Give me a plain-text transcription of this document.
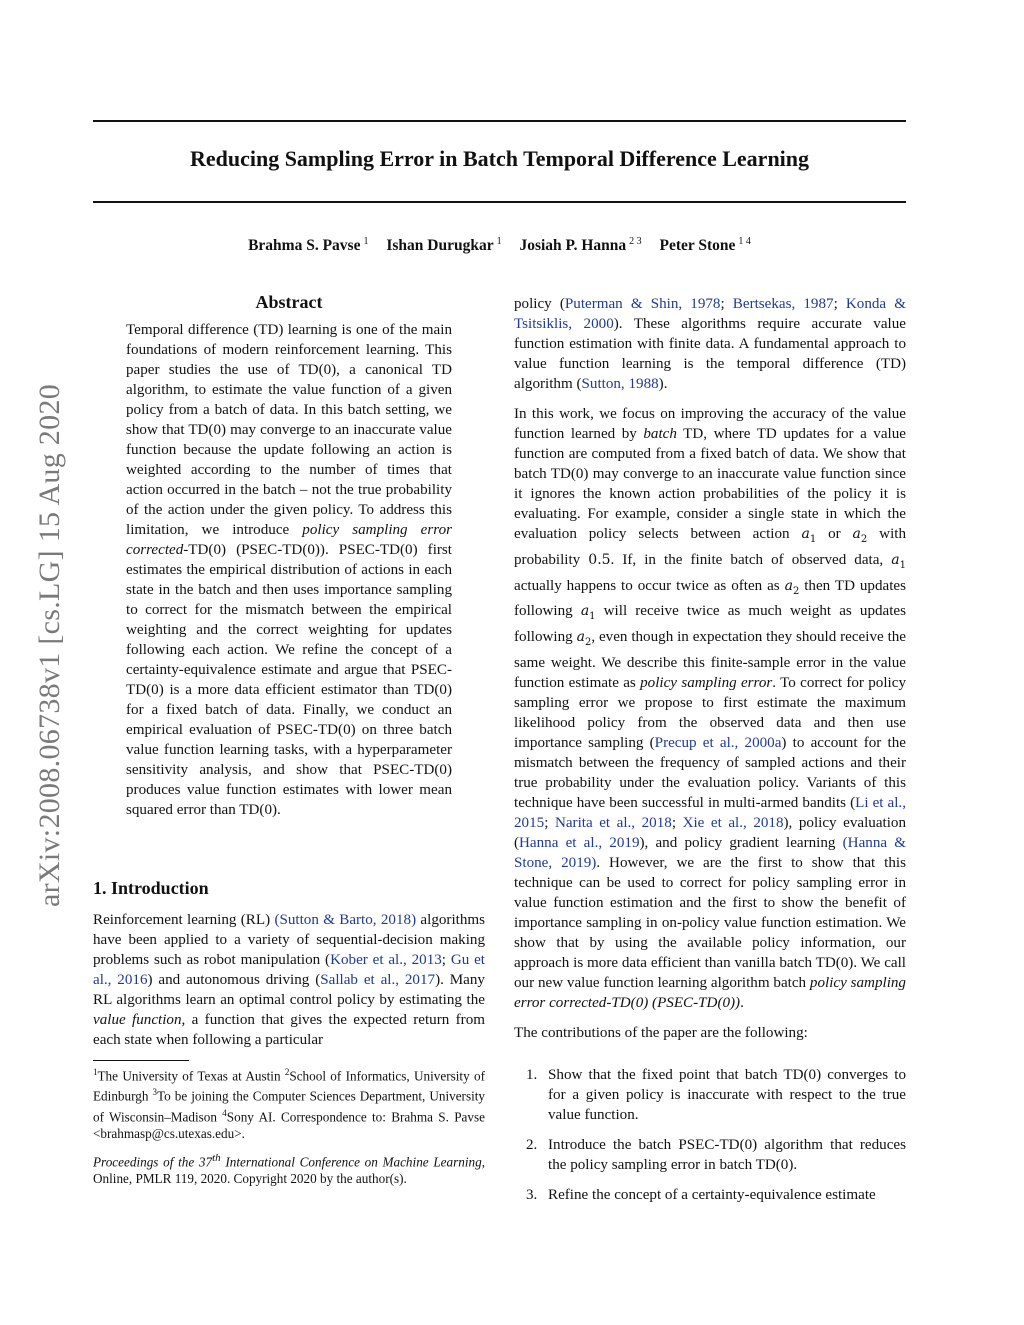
arXiv:2008.06738v1 [cs.LG] 15 Aug 2020
Reducing Sampling Error in Batch Temporal Difference Learning
Brahma S. Pavse $^1$ Ishan Durugkar $^1$ Josiah P. Hanna $^{2 3}$ Peter Stone $^{1 4}$
Abstract

Temporal difference (TD) learning is one of the main foundations of modern reinforcement learning. This paper studies the use of TD(0), a canonical TD algorithm, to estimate the value function of a given policy from a batch of data. In this batch setting, we show that TD(0) may converge to an inaccurate value function because the update following an action is weighted according to the number of times that action occurred in the batch – not the true probability of the action under the given policy. To address this limitation, we introduce policy sampling error corrected-TD(0) (PSEC-TD(0)). PSEC-TD(0) first estimates the empirical distribution of actions in each state in the batch and then uses importance sampling to correct for the mismatch between the empirical weighting and the correct weighting for updates following each action. We refine the concept of a certainty-equivalence estimate and argue that PSEC-TD(0) is a more data efficient estimator than TD(0) for a fixed batch of data. Finally, we conduct an empirical evaluation of PSEC-TD(0) on three batch value function learning tasks, with a hyperparameter sensitivity analysis, and show that PSEC-TD(0) produces value function estimates with lower mean squared error than TD(0).

1. Introduction

Reinforcement learning (RL) (Sutton & Barto, 2018) algorithms have been applied to a variety of sequential-decision making problems such as robot manipulation (Kober et al., 2013; Gu et al., 2016) and autonomous driving (Sallab et al., 2017). Many RL algorithms learn an optimal control policy by estimating the value function, a function that gives the expected return from each state when following a particular

$^1$The University of Texas at Austin $^2$School of Informatics, University of Edinburgh $^3$To be joining the Computer Sciences Department, University of Wisconsin–Madison $^4$Sony AI. Correspondence to: Brahma S. Pavse <brahmasp@cs.utexas.edu>.
Proceedings of the 37th International Conference on Machine Learning, Online, PMLR 119, 2020. Copyright 2020 by the author(s).

policy (Puterman & Shin, 1978; Bertsekas, 1987; Konda & Tsitsiklis, 2000). These algorithms require accurate value function estimation with finite data. A fundamental approach to value function learning is the temporal difference (TD) algorithm (Sutton, 1988).

In this work, we focus on improving the accuracy of the value function learned by batch TD, where TD updates for a value function are computed from a fixed batch of data. We show that batch TD(0) may converge to an inaccurate value function since it ignores the known action probabilities of the policy it is evaluating. For example, consider a single state in which the evaluation policy selects between action $a_1$ or $a_2$ with probability 0.5. If, in the finite batch of observed data, $a_1$ actually happens to occur twice as often as $a_2$ then TD updates following $a_1$ will receive twice as much weight as updates following $a_2$, even though in expectation they should receive the same weight. We describe this finite-sample error in the value function estimate as policy sampling error. To correct for policy sampling error we propose to first estimate the maximum likelihood policy from the observed data and then use importance sampling (Precup et al., 2000a) to account for the mismatch between the frequency of sampled actions and their true probability under the evaluation policy. Variants of this technique have been successful in multi-armed bandits (Li et al., 2015; Narita et al., 2018; Xie et al., 2018), policy evaluation (Hanna et al., 2019), and policy gradient learning (Hanna & Stone, 2019). However, we are the first to show that this technique can be used to correct for policy sampling error in value function estimation and the first to show the benefit of importance sampling in on-policy value function estimation. We show that by using the available policy information, our approach is more data efficient than vanilla batch TD(0). We call our new value function learning algorithm batch policy sampling error corrected-TD(0) (PSEC-TD(0)).

The contributions of the paper are the following:

1. Show that the fixed point that batch TD(0) converges to for a given policy is inaccurate with respect to the true value function.
2. Introduce the batch PSEC-TD(0) algorithm that reduces the policy sampling error in batch TD(0).
3. Refine the concept of a certainty-equivalence estimate
